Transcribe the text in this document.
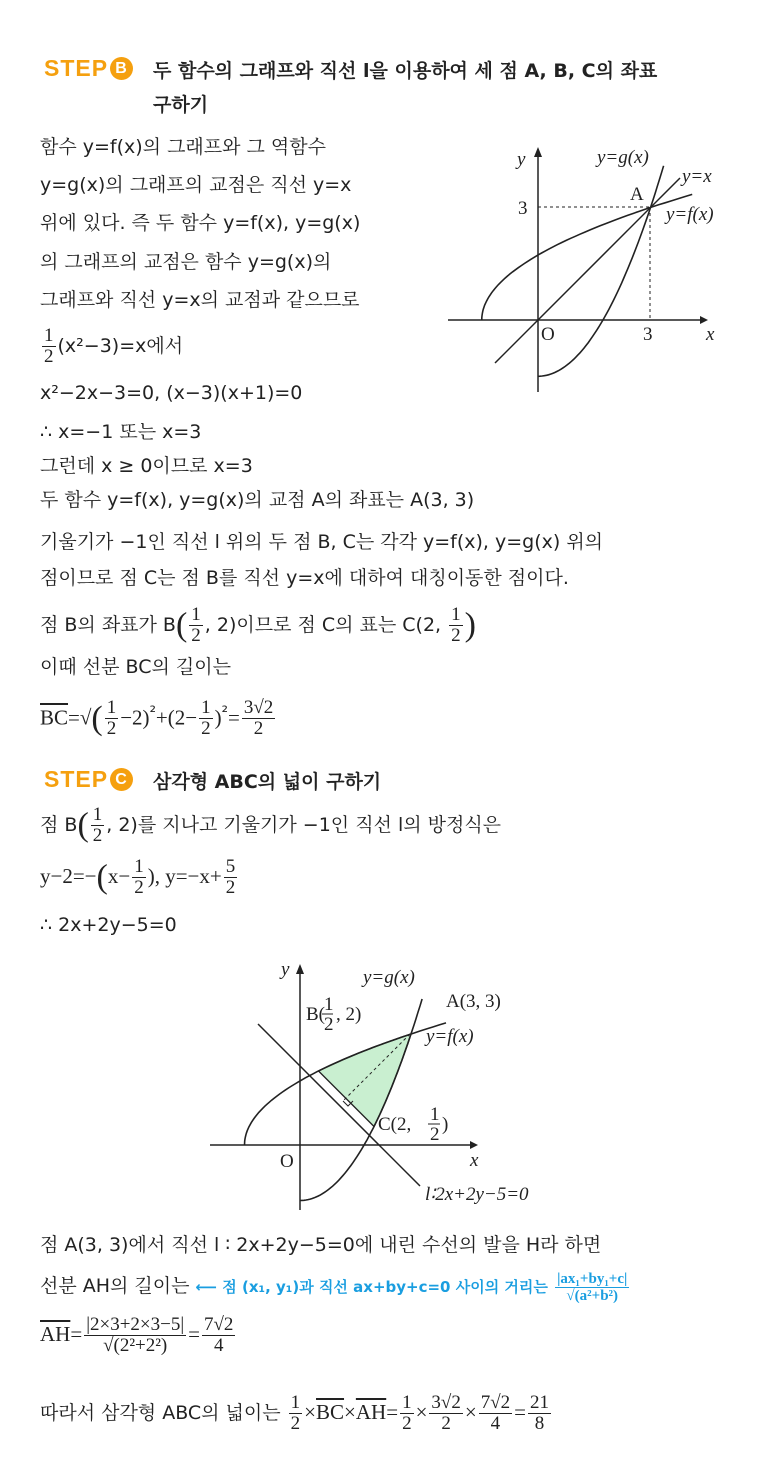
STEP B 두 함수의 그래프와 직선 l을 이용하여 세 점 A, B, C의 좌표
구하기
함수 y=f(x)의 그래프와 그 역함수
y=g(x)의 그래프의 교점은 직선 y=x
위에 있다. 즉 두 함수 y=f(x), y=g(x)
의 그래프의 교점은 함수 y=g(x)의
그래프와 직선 y=x의 교점과 같으므로
$\frac{1}{2} (x^2-3)=x$에서
x²−2x−3=0, (x−3)(x+1)=0
∴ x=−1 또는 x=3
그런데 x ≥ 0이므로 x=3
두 함수 y=f(x), y=g(x)의 교점 A의 좌표는 A(3, 3)
기울기가 −1인 직선 l 위의 두 점 B, C는 각각 y=f(x), y=g(x) 위의
점이므로 점 C는 점 B를 직선 y=x에 대하여 대칭이동한 점이다.
점 B의 좌표가 $B( \frac{1}{2}$ , 2)이므로 점 C의 표는 C(2, $\frac{1}{2}$ )
이때 선분 BC의 길이는
$\overline{BC}=√( \frac{1}{2} -2)^{^2}+(2- \frac{1}{2} )^{^2}= \frac{3√2}{2}$
y
x
O	3
3
A
y=g(x)
y=x
y=f(x)
y
x
O
y=g(x)
A(3, 3)
y=f(x)
B( 1
2 , 2)
C(2, 1
2 )
l∶2x+2y−5=0
STEP C 삼각형 ABC의 넓이 구하기
점 $B( \frac{1}{2}$ , 2)를 지나고 기울기가 −1인 직선 l의 방정식은
$y-2=-(x- \frac{1}{2}$ ), $y=-x+ \frac{5}{2}$
∴ 2x+2y−5=0
점 A(3, 3)에서 직선 l ∶ 2x+2y−5=0에 내린 수선의 발을 H라 하면
선분 AH의 길이는 ⟵ 점 (x₁, y₁)과 직선 ax+by+c=0 사이의 거리는 $\frac{\text{|ax₁+by₁+c|}}{\text{√(a²+b²)}}$
$\overline{AH}= \frac{|2\times 3+2\times 3-5|}{\text{√(2²+2²)}} = \frac{7√2}{4}$
따라서 삼각형 ABC의 넓이는 $\frac{1}{2} \times\overline{BC}\times\overline{AH}= \frac{1}{2} \times \frac{3√2}{2} \times \frac{7√2}{4} = \frac{21}{8}$
